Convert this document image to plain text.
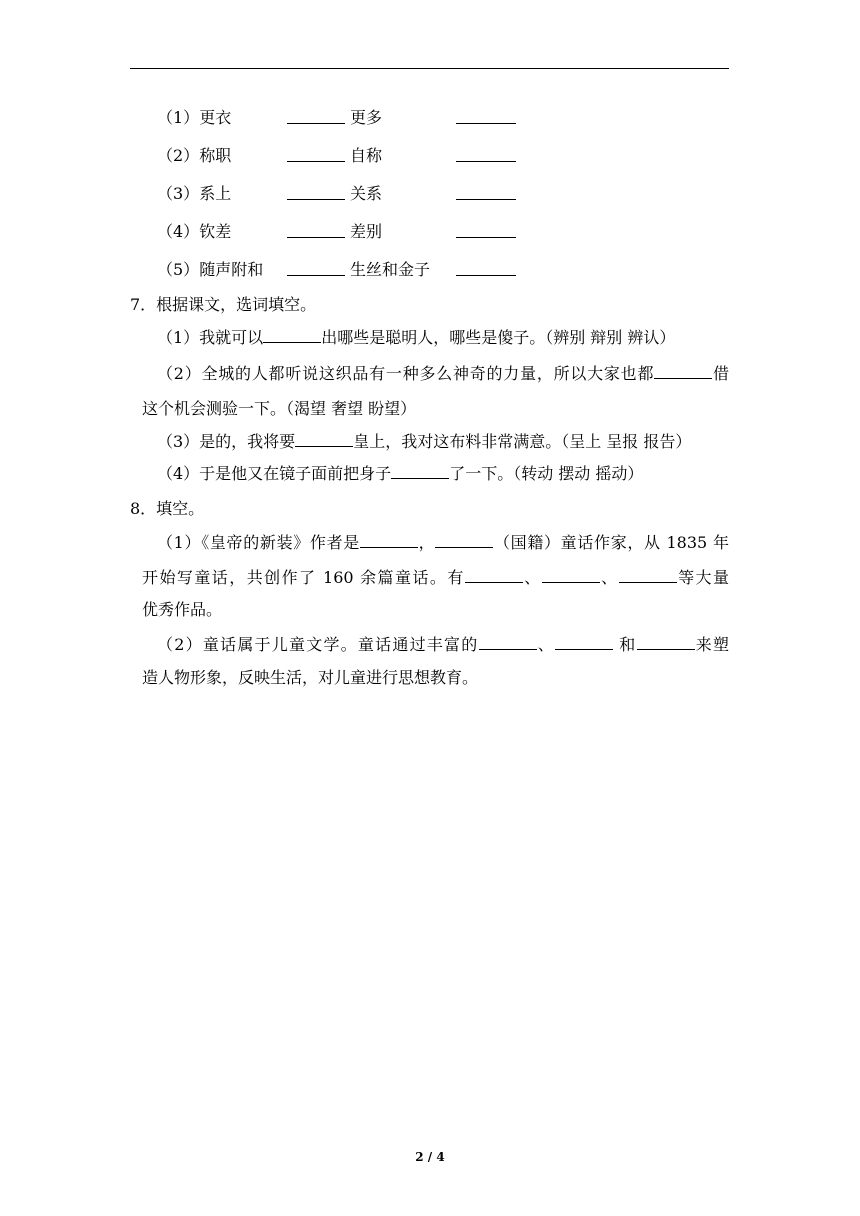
（1）更衣	更多
（2）称职	自称
（3）系上	关系
（4）钦差	差别
（5）随声附和	生丝和金子
7．根据课文，选词填空。
（1）我就可以	出哪些是聪明人，哪些是傻子。（辨别 辩别 辨认）
（2）全城的人都听说这织品有一种多么神奇的力量，所以大家也都	借
这个机会测验一下。（渴望 奢望 盼望）
（3）是的，我将要	皇上，我对这布料非常满意。（呈上 呈报 报告）
（4）于是他又在镜子面前把身子	了一下。（转动 摆动 摇动）
8．填空。
（1）《皇帝的新装》作者是	，	（国籍）童话作家，从 1835 年
开始写童话，共创作了 160 余篇童话。有	、	、	等大量
优秀作品。
（2）童话属于儿童文学。童话通过丰富的	、	和	来塑
造人物形象，反映生活，对儿童进行思想教育。
2 / 4
